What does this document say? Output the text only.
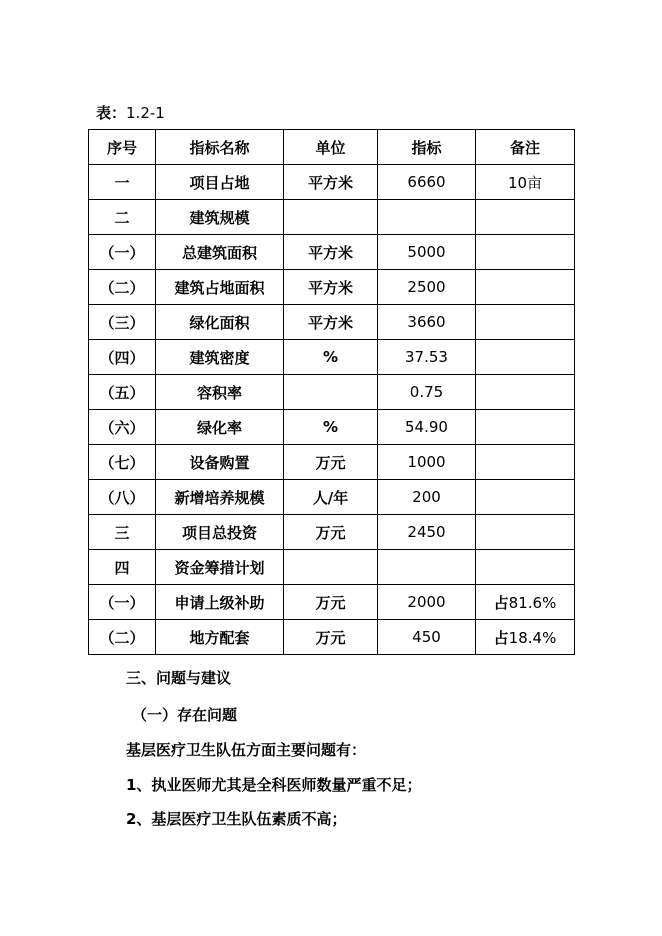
表：1.2-1
序号	指标名称	单位	指标	备注
一	项目占地	平方米	6660	10亩
二	建筑规模			
（一）	总建筑面积	平方米	5000	
（二）	建筑占地面积	平方米	2500	
（三）	绿化面积	平方米	3660	
（四）	建筑密度	%	37.53	
（五）	容积率		0.75	
（六）	绿化率	%	54.90	
（七）	设备购置	万元	1000	
（八）	新增培养规模	人/年	200	
三	项目总投资	万元	2450	
四	资金筹措计划			
（一）	申请上级补助	万元	2000	占81.6%
（二）	地方配套	万元	450	占18.4%
三、问题与建议
（一）存在问题
基层医疗卫生队伍方面主要问题有：
1、执业医师尤其是全科医师数量严重不足；
2、基层医疗卫生队伍素质不高；
